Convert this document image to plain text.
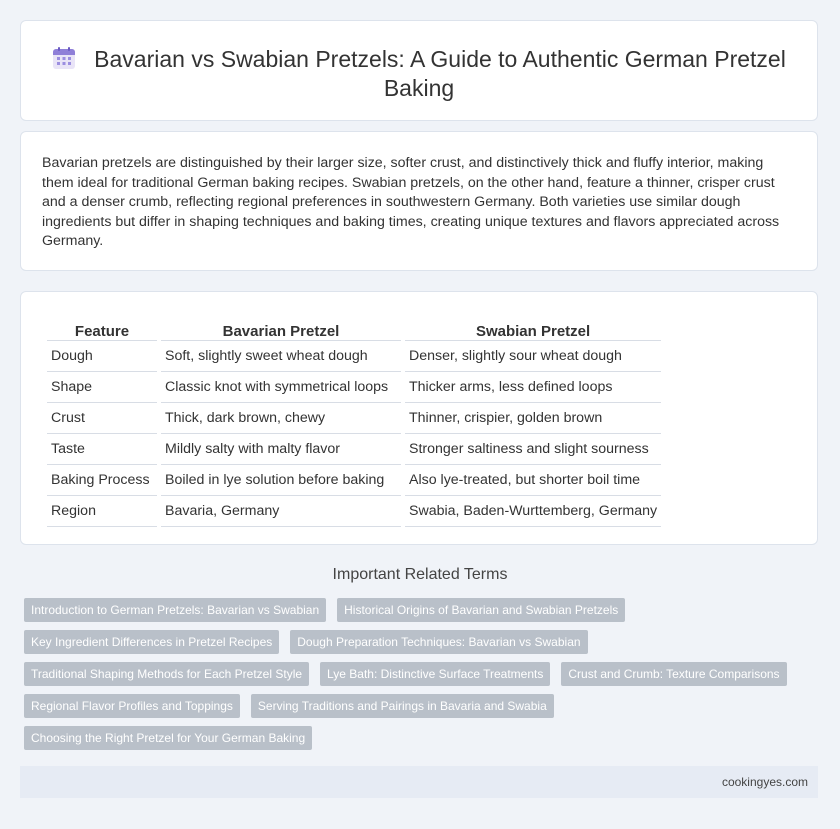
Bavarian vs Swabian Pretzels: A Guide to Authentic German Pretzel Baking

Bavarian pretzels are distinguished by their larger size, softer crust, and distinctively thick and fluffy interior, making them ideal for traditional German baking recipes. Swabian pretzels, on the other hand, feature a thinner, crisper crust and a denser crumb, reflecting regional preferences in southwestern Germany. Both varieties use similar dough ingredients but differ in shaping techniques and baking times, creating unique textures and flavors appreciated across Germany.

Feature	Bavarian Pretzel	Swabian Pretzel
Dough	Soft, slightly sweet wheat dough	Denser, slightly sour wheat dough
Shape	Classic knot with symmetrical loops	Thicker arms, less defined loops
Crust	Thick, dark brown, chewy	Thinner, crispier, golden brown
Taste	Mildly salty with malty flavor	Stronger saltiness and slight sourness
Baking Process	Boiled in lye solution before baking	Also lye-treated, but shorter boil time
Region	Bavaria, Germany	Swabia, Baden-Wurttemberg, Germany
Important Related Terms
Introduction to German Pretzels: Bavarian vs Swabian Historical Origins of Bavarian and Swabian Pretzels
Key Ingredient Differences in Pretzel Recipes Dough Preparation Techniques: Bavarian vs Swabian
Traditional Shaping Methods for Each Pretzel Style Lye Bath: Distinctive Surface Treatments Crust and Crumb: Texture Comparisons
Regional Flavor Profiles and Toppings Serving Traditions and Pairings in Bavaria and Swabia
Choosing the Right Pretzel for Your German Baking
cookingyes.com
